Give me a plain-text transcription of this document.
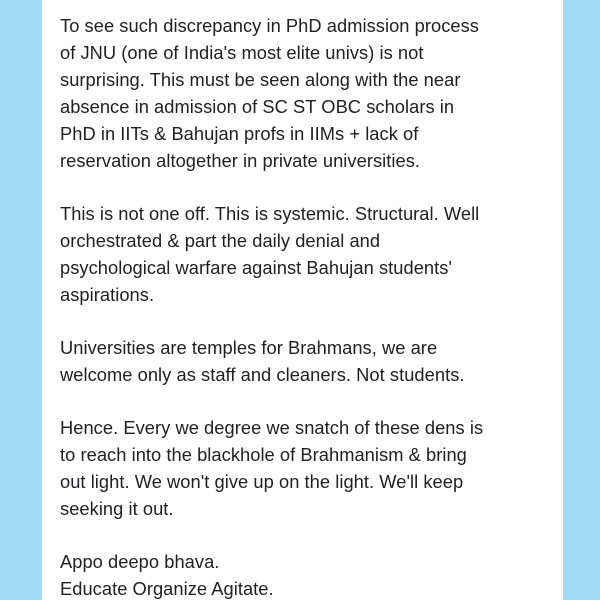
To see such discrepancy in PhD admission process
of JNU (one of India's most elite univs) is not
surprising. This must be seen along with the near
absence in admission of SC ST OBC scholars in
PhD in IITs & Bahujan profs in IIMs + lack of
reservation altogether in private universities.

This is not one off. This is systemic. Structural. Well
orchestrated & part the daily denial and
psychological warfare against Bahujan students'
aspirations.

Universities are temples for Brahmans, we are
welcome only as staff and cleaners. Not students.

Hence. Every we degree we snatch of these dens is
to reach into the blackhole of Brahmanism & bring
out light. We won't give up on the light. We'll keep
seeking it out.

Appo deepo bhava.
Educate Organize Agitate.
